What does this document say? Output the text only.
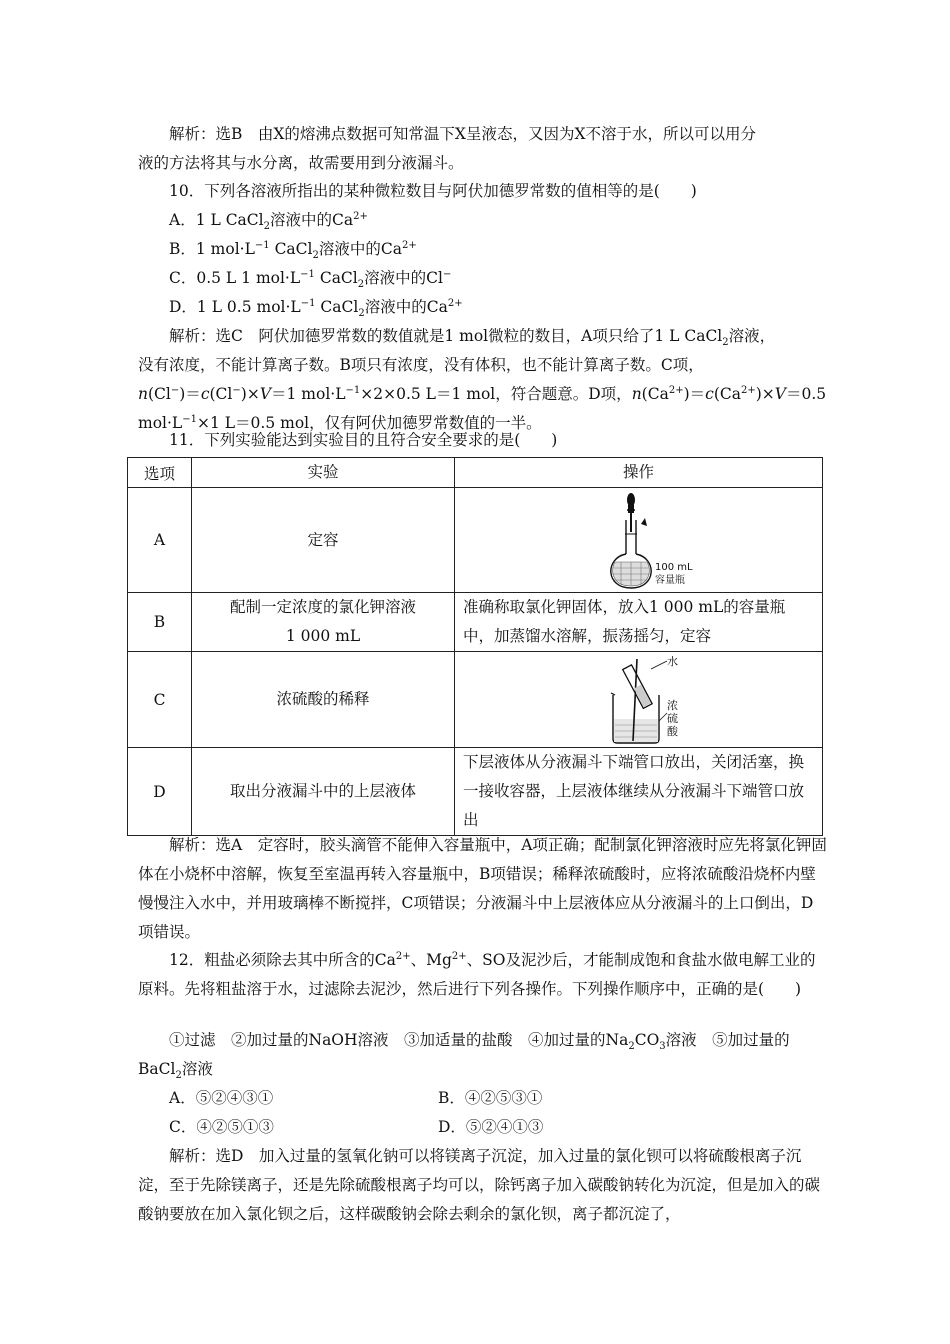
解析：选B　由X的熔沸点数据可知常温下X呈液态，又因为X不溶于水，所以可以用分
液的方法将其与水分离，故需要用到分液漏斗。
10．下列各溶液所指出的某种微粒数目与阿伏加德罗常数的值相等的是(　　)
A．1 L CaCl$_2$溶液中的$Ca^{2+}$
B．1 $mol\cdot L^{-1}$ CaCl$_2$溶液中的$Ca^{2+}$
C．0.5 L 1 $mol\cdot L^{-1}$ CaCl$_2$溶液中的Cl−
D．1 L 0.5 $mol\cdot L^{-1}$ CaCl$_2$溶液中的$Ca^{2+}$
解析：选C　阿伏加德罗常数的数值就是1 mol微粒的数目，A项只给了1 L CaCl$_2$溶液，
没有浓度，不能计算离子数。B项只有浓度，没有体积，也不能计算离子数。C项，
n(Cl−)＝c(Cl−)×V＝1 $mol\cdot L^{-1}\times 2\times 0.5$ L＝1 mol，符合题意。D项，$n(Ca^{2+})=c(Ca^{2+})\times V=0.5$
$mol\cdot L^{-1}\times 1$ L＝0.5 mol，仅有阿伏加德罗常数值的一半。
11．下列实验能达到实验目的且符合安全要求的是(　　)
选项	实验	操作
A	定容	100 mL
容量瓶

B	配制一定浓度的氯化钾溶液
1 000 mL	准确称取氯化钾固体，放入1 000 mL的容量瓶中，加蒸馏水溶解，振荡摇匀，定容
C	浓硫酸的稀释	水
浓
硫
酸

D	取出分液漏斗中的上层液体	下层液体从分液漏斗下端管口放出，关闭活塞，换一接收容器，上层液体继续从分液漏斗下端管口放出

解析：选A　定容时，胶头滴管不能伸入容量瓶中，A项正确；配制氯化钾溶液时应先将氯化钾固体在小烧杯中溶解，恢复至室温再转入容量瓶中，B项错误；稀释浓硫酸时，应将浓硫酸沿烧杯内壁慢慢注入水中，并用玻璃棒不断搅拌，C项错误；分液漏斗中上层液体应从分液漏斗的上口倒出，D项错误。

12．粗盐必须除去其中所含的$Ca^{2+}$、$Mg^{2+}$、SO及泥沙后，才能制成饱和食盐水做电解工业的原料。先将粗盐溶于水，过滤除去泥沙，然后进行下列各操作。下列操作顺序中，正确的是(　　)

①过滤　②加过量的NaOH溶液　③加适量的盐酸　④加过量的$Na_2CO_3$溶液　⑤加过量的BaCl$_2$溶液

A．⑤②④③①	B．④②⑤③①
C．④②⑤①③	D．⑤②④①③

解析：选D　加入过量的氢氧化钠可以将镁离子沉淀，加入过量的氯化钡可以将硫酸根离子沉淀，至于先除镁离子，还是先除硫酸根离子均可以，除钙离子加入碳酸钠转化为沉淀，但是加入的碳酸钠要放在加入氯化钡之后，这样碳酸钠会除去剩余的氯化钡，离子都沉淀了，
